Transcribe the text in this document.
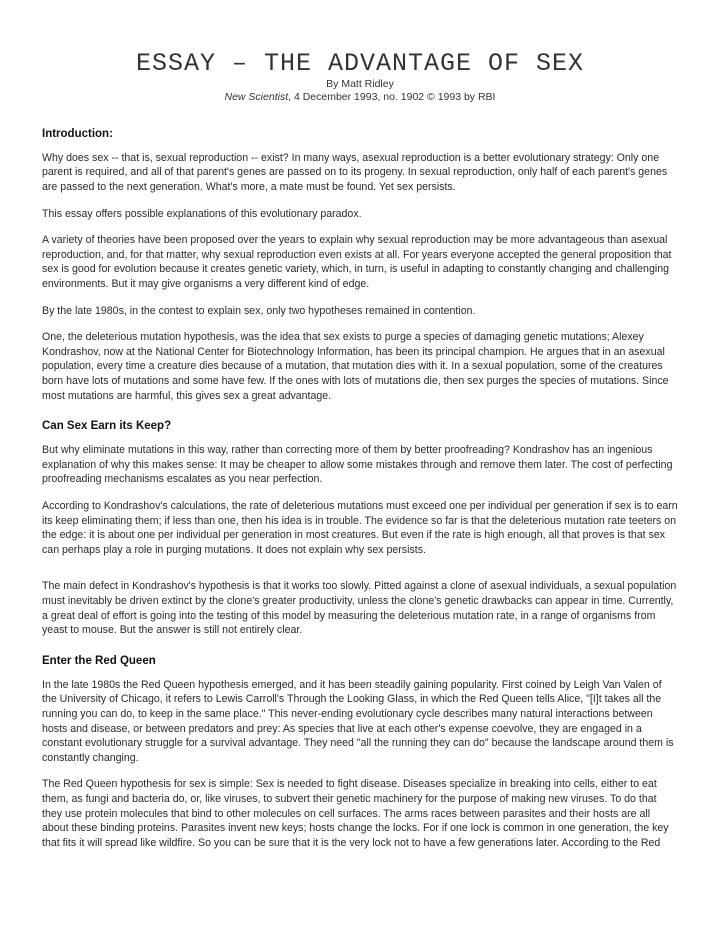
ESSAY – THE ADVANTAGE OF SEX
By Matt Ridley
New Scientist, 4 December 1993, no. 1902 © 1993 by RBI
Introduction:

Why does sex -- that is, sexual reproduction -- exist? In many ways, asexual reproduction is a better evolutionary strategy: Only one parent is required, and all of that parent's genes are passed on to its progeny. In sexual reproduction, only half of each parent's genes are passed to the next generation. What's more, a mate must be found. Yet sex persists.

This essay offers possible explanations of this evolutionary paradox.

A variety of theories have been proposed over the years to explain why sexual reproduction may be more advantageous than asexual reproduction, and, for that matter, why sexual reproduction even exists at all. For years everyone accepted the general proposition that sex is good for evolution because it creates genetic variety, which, in turn, is useful in adapting to constantly changing and challenging environments. But it may give organisms a very different kind of edge.

By the late 1980s, in the contest to explain sex, only two hypotheses remained in contention.

One, the deleterious mutation hypothesis, was the idea that sex exists to purge a species of damaging genetic mutations; Alexey Kondrashov, now at the National Center for Biotechnology Information, has been its principal champion. He argues that in an asexual population, every time a creature dies because of a mutation, that mutation dies with it. In a sexual population, some of the creatures born have lots of mutations and some have few. If the ones with lots of mutations die, then sex purges the species of mutations. Since most mutations are harmful, this gives sex a great advantage.

Can Sex Earn its Keep?

But why eliminate mutations in this way, rather than correcting more of them by better proofreading? Kondrashov has an ingenious explanation of why this makes sense: It may be cheaper to allow some mistakes through and remove them later. The cost of perfecting proofreading mechanisms escalates as you near perfection.

According to Kondrashov's calculations, the rate of deleterious mutations must exceed one per individual per generation if sex is to earn its keep eliminating them; if less than one, then his idea is in trouble. The evidence so far is that the deleterious mutation rate teeters on the edge: it is about one per individual per generation in most creatures. But even if the rate is high enough, all that proves is that sex can perhaps play a role in purging mutations. It does not explain why sex persists.

The main defect in Kondrashov's hypothesis is that it works too slowly. Pitted against a clone of asexual individuals, a sexual population must inevitably be driven extinct by the clone's greater productivity, unless the clone's genetic drawbacks can appear in time. Currently, a great deal of effort is going into the testing of this model by measuring the deleterious mutation rate, in a range of organisms from yeast to mouse. But the answer is still not entirely clear.

Enter the Red Queen

In the late 1980s the Red Queen hypothesis emerged, and it has been steadily gaining popularity. First coined by Leigh Van Valen of the University of Chicago, it refers to Lewis Carroll's Through the Looking Glass, in which the Red Queen tells Alice, "[I]t takes all the running you can do, to keep in the same place." This never-ending evolutionary cycle describes many natural interactions between hosts and disease, or between predators and prey: As species that live at each other's expense coevolve, they are engaged in a constant evolutionary struggle for a survival advantage. They need "all the running they can do" because the landscape around them is constantly changing.

The Red Queen hypothesis for sex is simple: Sex is needed to fight disease. Diseases specialize in breaking into cells, either to eat them, as fungi and bacteria do, or, like viruses, to subvert their genetic machinery for the purpose of making new viruses. To do that they use protein molecules that bind to other molecules on cell surfaces. The arms races between parasites and their hosts are all about these binding proteins. Parasites invent new keys; hosts change the locks. For if one lock is common in one generation, the key that fits it will spread like wildfire. So you can be sure that it is the very lock not to have a few generations later. According to the Red
